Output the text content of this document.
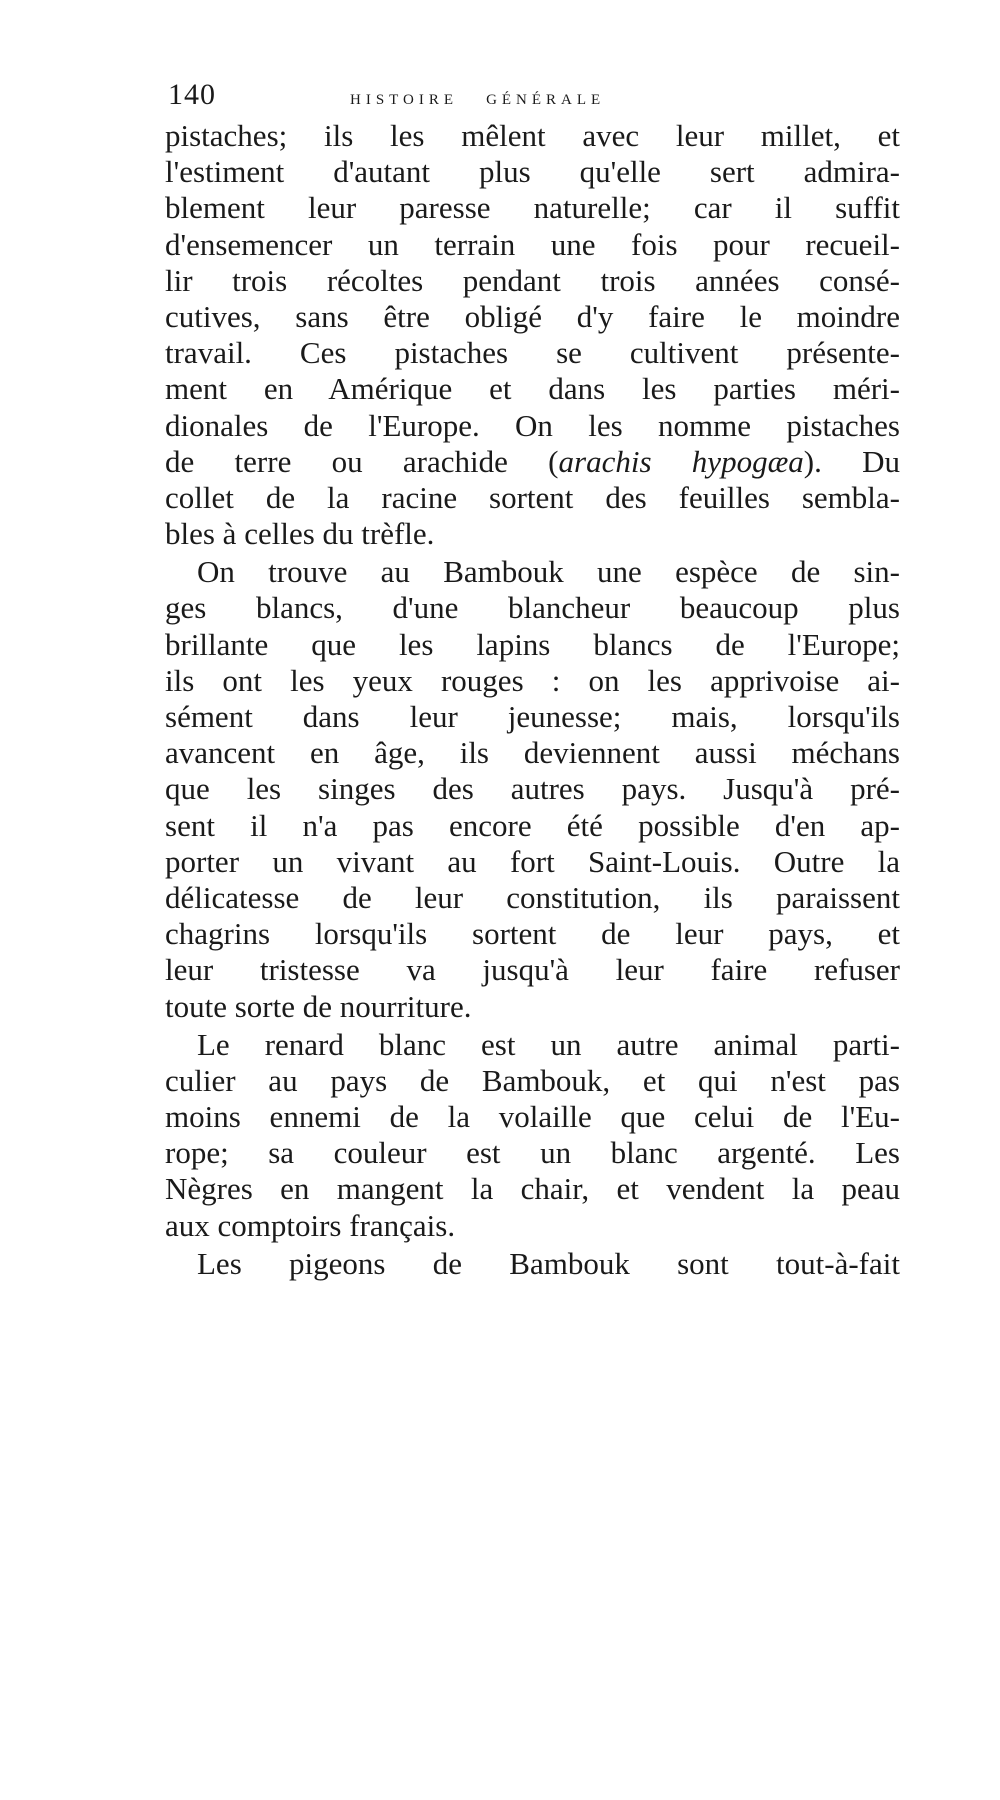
140	histoire générale
pistaches; ils les mêlent avec leur millet, et
l'estiment d'autant plus qu'elle sert admira-
blement leur paresse naturelle; car il suffit
d'ensemencer un terrain une fois pour recueil-
lir trois récoltes pendant trois années consé-
cutives, sans être obligé d'y faire le moindre
travail. Ces pistaches se cultivent présente-
ment en Amérique et dans les parties méri-
dionales de l'Europe. On les nomme pistaches
de terre ou arachide (arachis hypogæa). Du
collet de la racine sortent des feuilles sembla-
bles à celles du trèfle.
On trouve au Bambouk une espèce de sin-
ges blancs, d'une blancheur beaucoup plus
brillante que les lapins blancs de l'Europe;
ils ont les yeux rouges : on les apprivoise ai-
sément dans leur jeunesse; mais, lorsqu'ils
avancent en âge, ils deviennent aussi méchans
que les singes des autres pays. Jusqu'à pré-
sent il n'a pas encore été possible d'en ap-
porter un vivant au fort Saint-Louis. Outre la
délicatesse de leur constitution, ils paraissent
chagrins lorsqu'ils sortent de leur pays, et
leur tristesse va jusqu'à leur faire refuser
toute sorte de nourriture.
Le renard blanc est un autre animal parti-
culier au pays de Bambouk, et qui n'est pas
moins ennemi de la volaille que celui de l'Eu-
rope; sa couleur est un blanc argenté. Les
Nègres en mangent la chair, et vendent la peau
aux comptoirs français.
Les pigeons de Bambouk sont tout-à-fait
